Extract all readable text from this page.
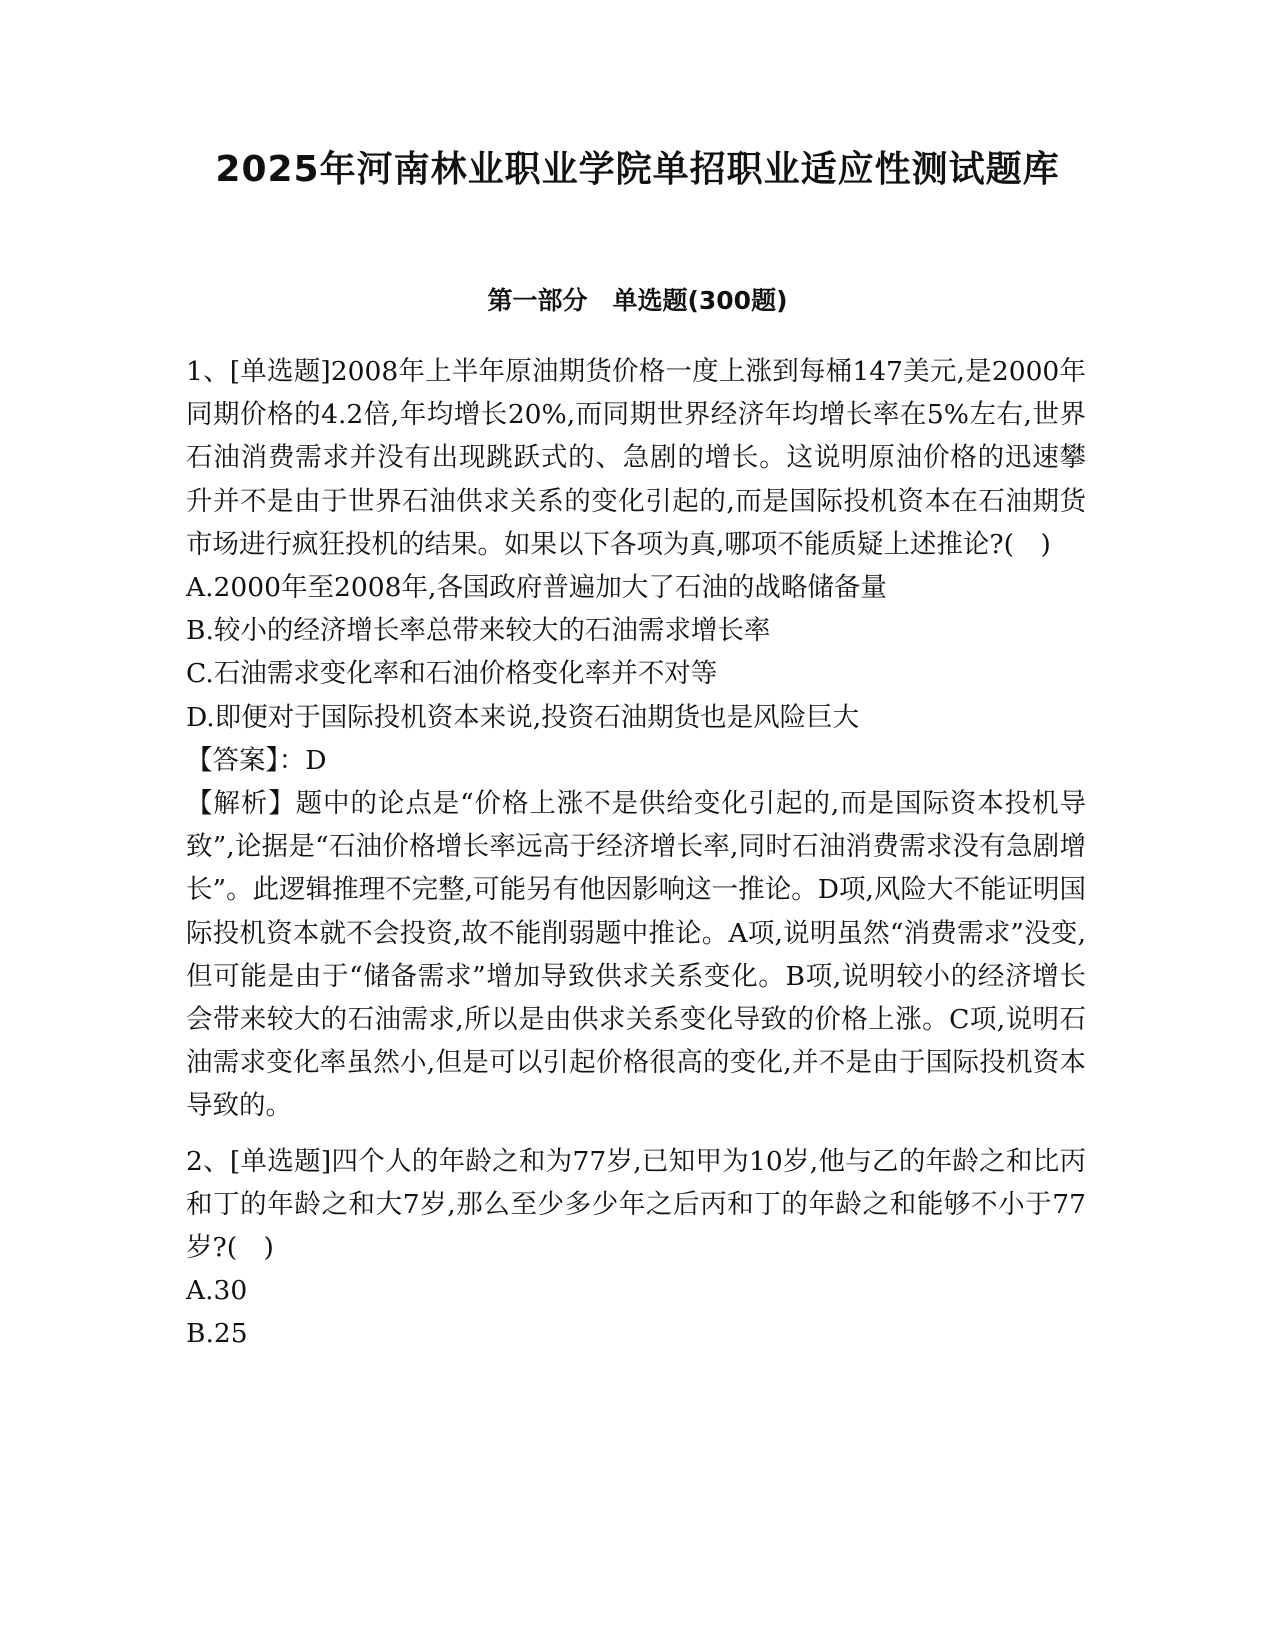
2025年河南林业职业学院单招职业适应性测试题库
第一部分　单选题(300题)

1、[单选题]2008年上半年原油期货价格一度上涨到每桶147美元,是2000年同期价格的4.2倍,年均增长20%,而同期世界经济年均增长率在5%左右,世界石油消费需求并没有出现跳跃式的、急剧的增长。这说明原油价格的迅速攀升并不是由于世界石油供求关系的变化引起的,而是国际投机资本在石油期货市场进行疯狂投机的结果。如果以下各项为真,哪项不能质疑上述推论?(　)

A.2000年至2008年,各国政府普遍加大了石油的战略储备量

B.较小的经济增长率总带来较大的石油需求增长率

C.石油需求变化率和石油价格变化率并不对等

D.即便对于国际投机资本来说,投资石油期货也是风险巨大

【答案】：D

【解析】题中的论点是“价格上涨不是供给变化引起的,而是国际资本投机导致”,论据是“石油价格增长率远高于经济增长率,同时石油消费需求没有急剧增长”。此逻辑推理不完整,可能另有他因影响这一推论。D项,风险大不能证明国际投机资本就不会投资,故不能削弱题中推论。A项,说明虽然“消费需求”没变,但可能是由于“储备需求”增加导致供求关系变化。B项,说明较小的经济增长会带来较大的石油需求,所以是由供求关系变化导致的价格上涨。C项,说明石油需求变化率虽然小,但是可以引起价格很高的变化,并不是由于国际投机资本导致的。

2、[单选题]四个人的年龄之和为77岁,已知甲为10岁,他与乙的年龄之和比丙和丁的年龄之和大7岁,那么至少多少年之后丙和丁的年龄之和能够不小于77岁?(　)

A.30

B.25
